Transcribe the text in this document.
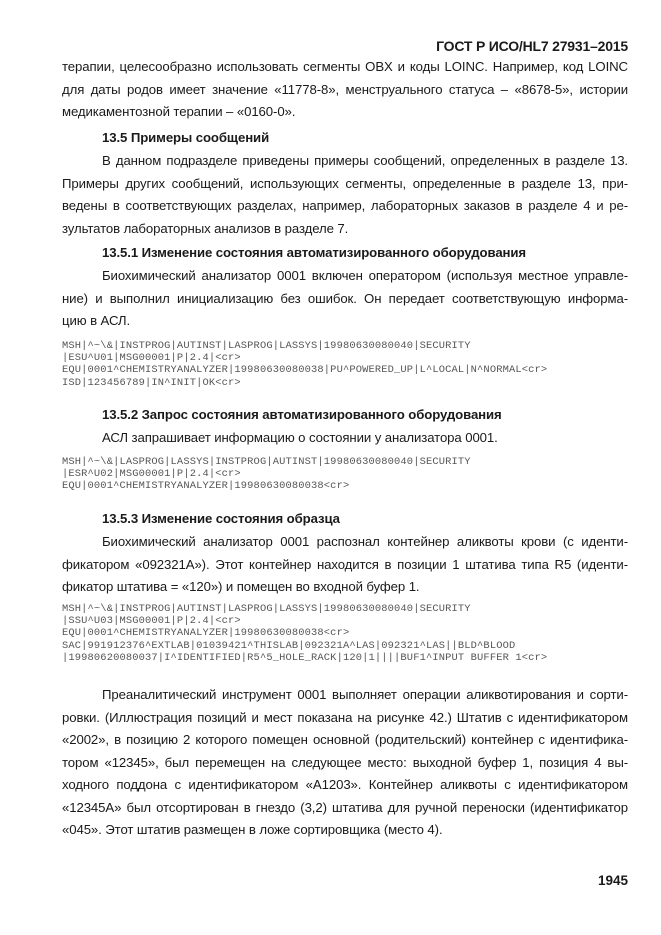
ГОСТ Р ИСО/HL7 27931–2015
терапии, целесообразно использовать сегменты OBX и коды LOINC. Например, код LOINC
для даты родов имеет значение «11778-8», менструального статуса – «8678-5», истории
медикаментозной терапии – «0160-0».
13.5 Примеры сообщений
В данном подразделе приведены примеры сообщений, определенных в разделе 13.
Примеры других сообщений, использующих сегменты, определенные в разделе 13, при-
ведены в соответствующих разделах, например, лабораторных заказов в разделе 4 и ре-
зультатов лабораторных анализов в разделе 7.
13.5.1 Изменение состояния автоматизированного оборудования
Биохимический анализатор 0001 включен оператором (используя местное управле-
ние) и выполнил инициализацию без ошибок. Он передает соответствующую информа-
цию в АСЛ.
MSH|^~\&|INSTPROG|AUTINST|LASPROG|LASSYS|19980630080040|SECURITY
|ESU^U01|MSG00001|P|2.4|<cr>
EQU|0001^CHEMISTRYANALYZER|19980630080038|PU^POWERED_UP|L^LOCAL|N^NORMAL<cr>
ISD|123456789|IN^INIT|OK<cr>
13.5.2 Запрос состояния автоматизированного оборудования
АСЛ запрашивает информацию о состоянии у анализатора 0001.
MSH|^~\&|LASPROG|LASSYS|INSTPROG|AUTINST|19980630080040|SECURITY
|ESR^U02|MSG00001|P|2.4|<cr>
EQU|0001^CHEMISTRYANALYZER|19980630080038<cr>
13.5.3 Изменение состояния образца
Биохимический анализатор 0001 распознал контейнер аликвоты крови (с иденти-
фикатором «092321A»). Этот контейнер находится в позиции 1 штатива типа R5 (иденти-
фикатор штатива = «120») и помещен во входной буфер 1.
MSH|^~\&|INSTPROG|AUTINST|LASPROG|LASSYS|19980630080040|SECURITY
|SSU^U03|MSG00001|P|2.4|<cr>
EQU|0001^CHEMISTRYANALYZER|19980630080038<cr>
SAC|991912376^EXTLAB|01039421^THISLAB|092321A^LAS|092321^LAS||BLD^BLOOD
|19980620080037|I^IDENTIFIED|R5^5_HOLE_RACK|120|1||||BUF1^INPUT BUFFER 1<cr>
Преаналитический инструмент 0001 выполняет операции аликвотирования и сорти-
ровки. (Иллюстрация позиций и мест показана на рисунке 42.) Штатив с идентификатором
«2002», в позицию 2 которого помещен основной (родительский) контейнер с идентифика-
тором «12345», был перемещен на следующее место: выходной буфер 1, позиция 4 вы-
ходного поддона с идентификатором «A1203». Контейнер аликвоты с идентификатором
«12345A» был отсортирован в гнездо (3,2) штатива для ручной переноски (идентификатор
«045». Этот штатив размещен в ложе сортировщика (место 4).
1945
